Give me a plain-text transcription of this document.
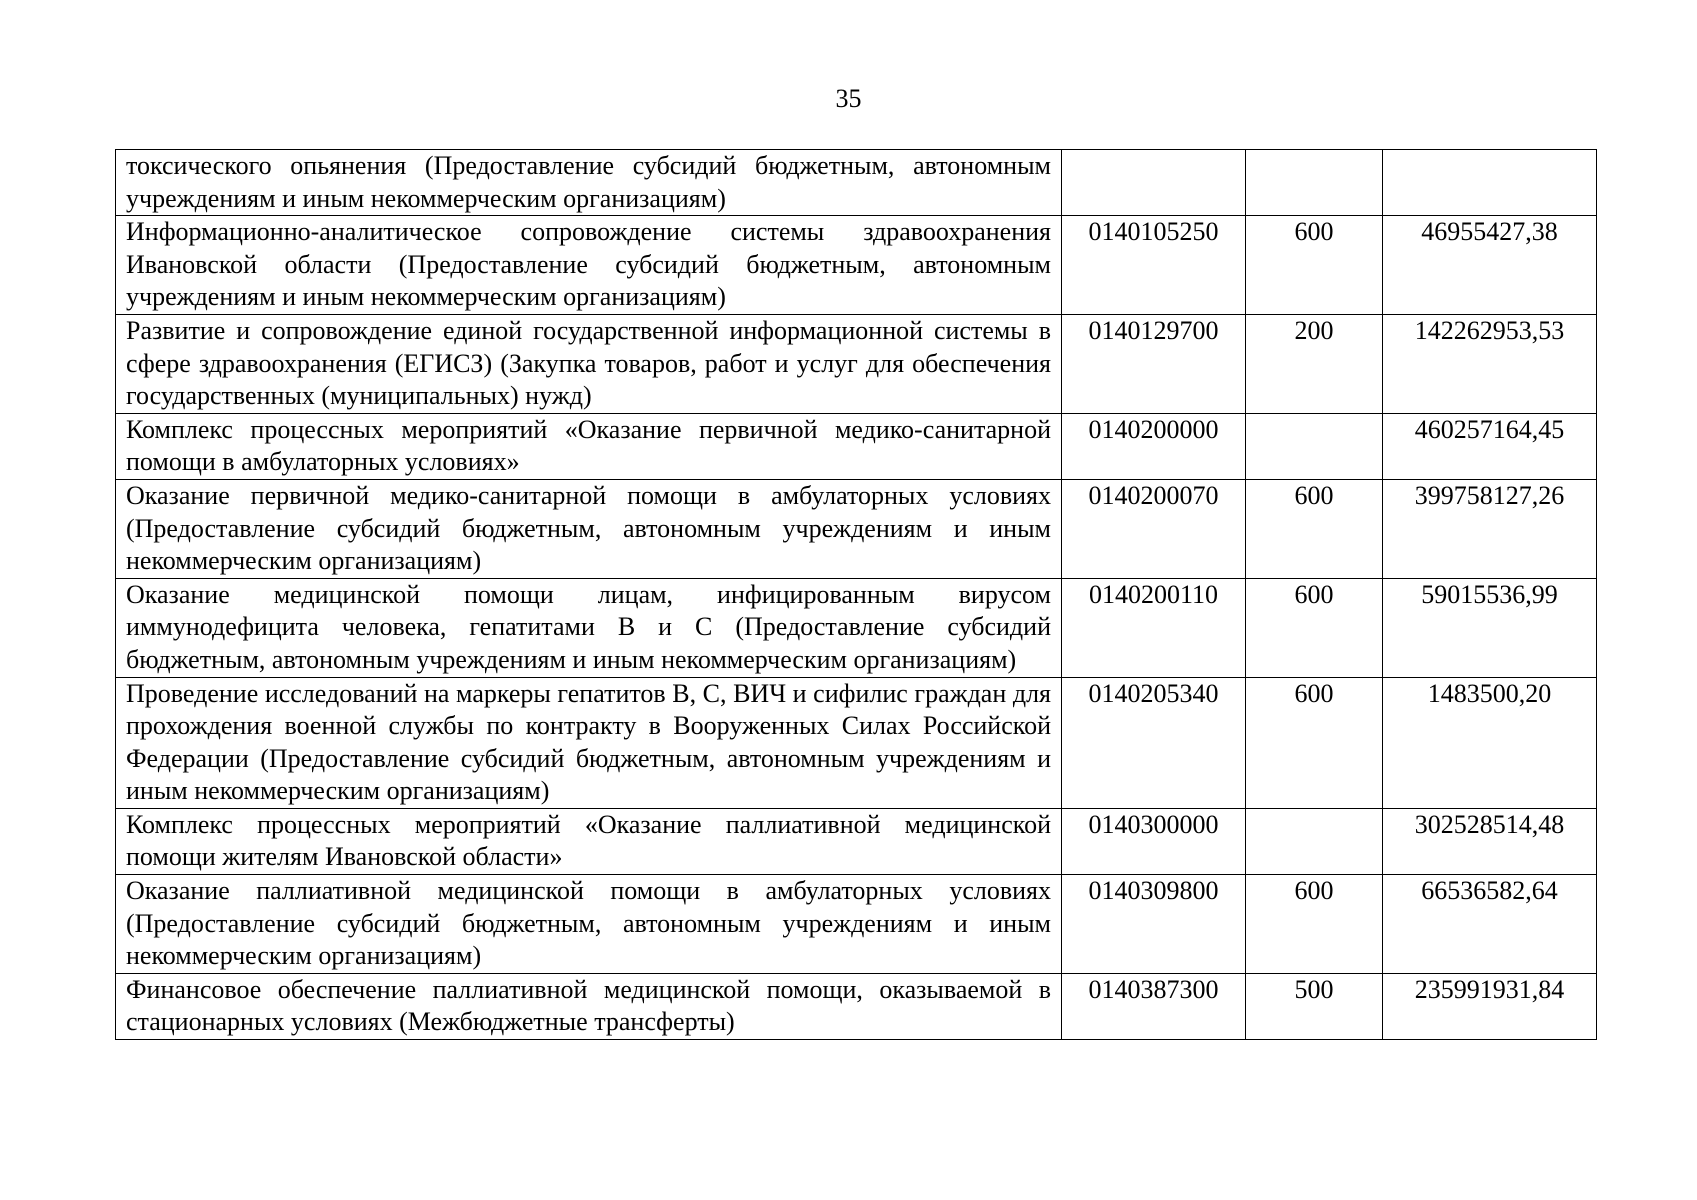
35
токсического опьянения (Предоставление субсидий бюджетным, автономным учреждениям и иным некоммерческим организациям)			
Информационно-аналитическое сопровождение системы здравоохранения Ивановской области (Предоставление субсидий бюджетным, автономным учреждениям и иным некоммерческим организациям)	0140105250	600	46955427,38
Развитие и сопровождение единой государственной информационной системы в сфере здравоохранения (ЕГИСЗ) (Закупка товаров, работ и услуг для обеспечения государственных (муниципальных) нужд)	0140129700	200	142262953,53
Комплекс процессных мероприятий «Оказание первичной медико-санитарной помощи в амбулаторных условиях»	0140200000		460257164,45
Оказание первичной медико-санитарной помощи в амбулаторных условиях (Предоставление субсидий бюджетным, автономным учреждениям и иным некоммерческим организациям)	0140200070	600	399758127,26
Оказание медицинской помощи лицам, инфицированным вирусом иммунодефицита человека, гепатитами B и C (Предоставление субсидий бюджетным, автономным учреждениям и иным некоммерческим организациям)	0140200110	600	59015536,99
Проведение исследований на маркеры гепатитов B, C, ВИЧ и сифилис граждан для прохождения военной службы по контракту в Вооруженных Силах Российской Федерации (Предоставление субсидий бюджетным, автономным учреждениям и иным некоммерческим организациям)	0140205340	600	1483500,20
Комплекс процессных мероприятий «Оказание паллиативной медицинской помощи жителям Ивановской области»	0140300000		302528514,48
Оказание паллиативной медицинской помощи в амбулаторных условиях (Предоставление субсидий бюджетным, автономным учреждениям и иным некоммерческим организациям)	0140309800	600	66536582,64
Финансовое обеспечение паллиативной медицинской помощи, оказываемой в стационарных условиях (Межбюджетные трансферты)	0140387300	500	235991931,84
